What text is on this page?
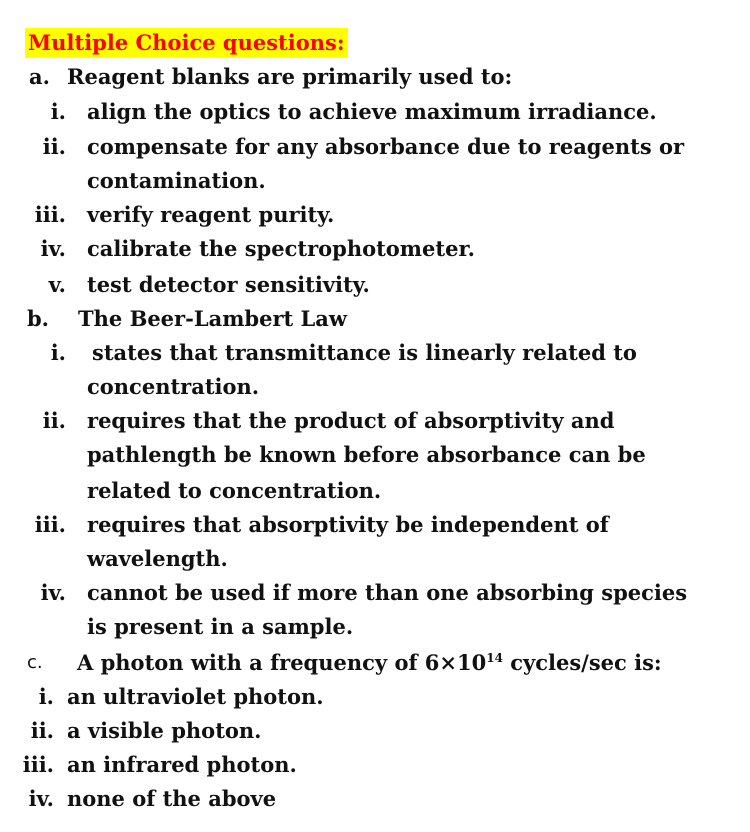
Multiple Choice questions:
a. Reagent blanks are primarily used to:
i. align the optics to achieve maximum irradiance.
ii. compensate for any absorbance due to reagents or
contamination.
iii. verify reagent purity.
iv. calibrate the spectrophotometer.
v. test detector sensitivity.
b. The Beer-Lambert Law
i. states that transmittance is linearly related to
concentration.
ii. requires that the product of absorptivity and
pathlength be known before absorbance can be
related to concentration.
iii. requires that absorptivity be independent of
wavelength.
iv. cannot be used if more than one absorbing species
is present in a sample.
c. A photon with a frequency of $6\times 10^{14}$ cycles/sec is:
i. an ultraviolet photon.
ii. a visible photon.
iii. an infrared photon.
iv. none of the above
